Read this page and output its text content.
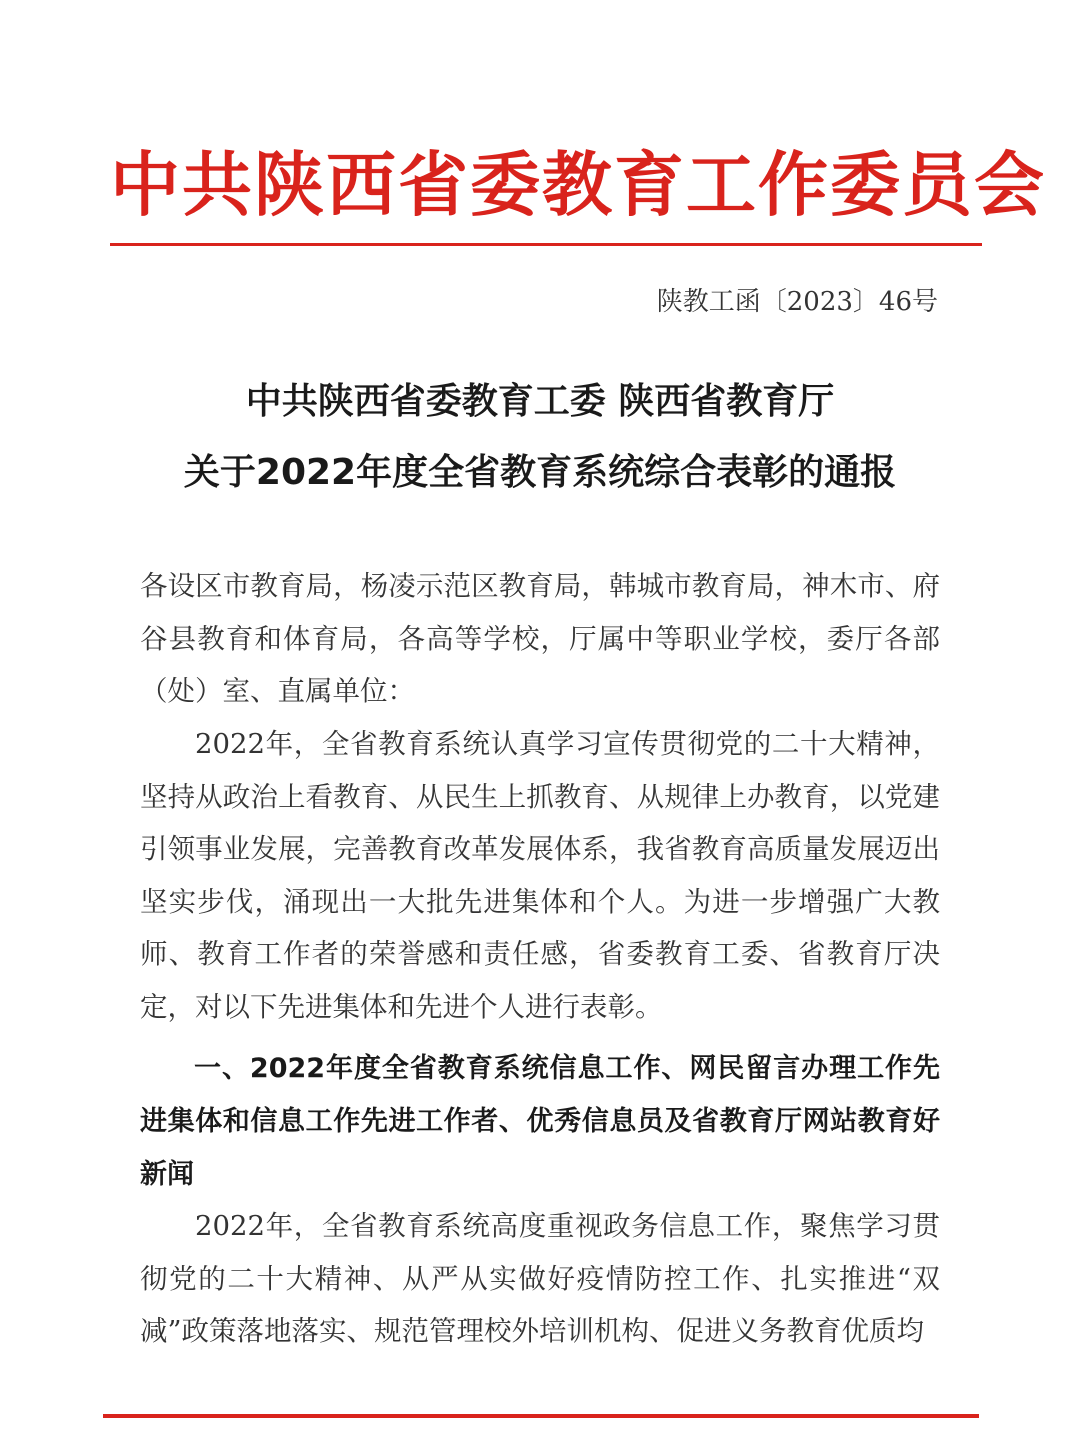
中共陕西省委教育工作委员会
陕教工函〔2023〕46号
中共陕西省委教育工委 陕西省教育厅
关于2022年度全省教育系统综合表彰的通报
各设区市教育局，杨凌示范区教育局，韩城市教育局，神木市、府谷县教育和体育局，各高等学校，厅属中等职业学校，委厅各部（处）室、直属单位：
2022年，全省教育系统认真学习宣传贯彻党的二十大精神，坚持从政治上看教育、从民生上抓教育、从规律上办教育，以党建引领事业发展，完善教育改革发展体系，我省教育高质量发展迈出坚实步伐，涌现出一大批先进集体和个人。为进一步增强广大教师、教育工作者的荣誉感和责任感，省委教育工委、省教育厅决定，对以下先进集体和先进个人进行表彰。
一、2022年度全省教育系统信息工作、网民留言办理工作先进集体和信息工作先进工作者、优秀信息员及省教育厅网站教育好新闻
2022年，全省教育系统高度重视政务信息工作，聚焦学习贯彻党的二十大精神、从严从实做好疫情防控工作、扎实推进“双减”政策落地落实、规范管理校外培训机构、促进义务教育优质均
